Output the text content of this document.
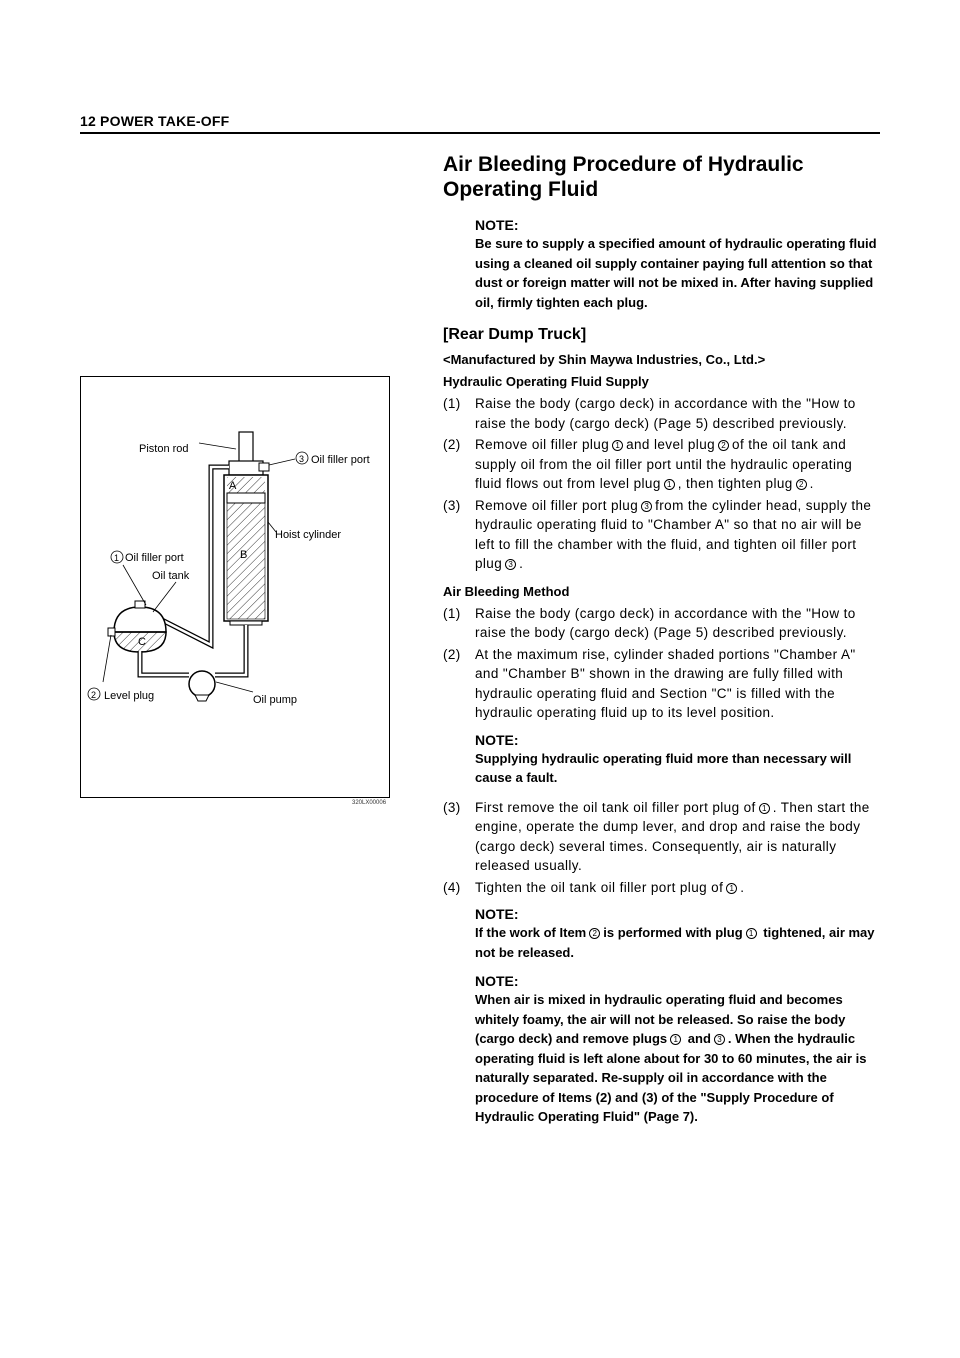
12 POWER TAKE-OFF
Piston rod
3 Oil filler port
Hoist cylinder
1 Oil filler port
Oil tank
2 Level plug	Oil pump
A
B
C
320LX00006
Air Bleeding Procedure of Hydraulic Operating Fluid
NOTE:
Be sure to supply a specified amount of hydraulic operating fluid using a cleaned oil supply container paying full attention so that dust or foreign matter will not be mixed in. After having supplied oil, firmly tighten each plug.
[Rear Dump Truck]
<Manufactured by Shin Maywa Industries, Co., Ltd.>
Hydraulic Operating Fluid Supply
(1) Raise the body (cargo deck) in accordance with the "How to raise the body (cargo deck) (Page 5) described previously.
(2) Remove oil filler plug 1 and level plug 2 of the oil tank and supply oil from the oil filler port until the hydraulic operating fluid flows out from level plug 1 , then tighten plug 2 .
(3) Remove oil filler port plug 3 from the cylinder head, supply the hydraulic operating fluid to "Chamber A" so that no air will be left to fill the chamber with the fluid, and tighten oil filler port plug 3 .
Air Bleeding Method
(1) Raise the body (cargo deck) in accordance with the "How to raise the body (cargo deck) (Page 5) described previously.
(2) At the maximum rise, cylinder shaded portions "Chamber A" and "Chamber B" shown in the drawing are fully filled with hydraulic operating fluid and Section "C" is filled with the hydraulic operating fluid up to its level position.
NOTE:
Supplying hydraulic operating fluid more than necessary will cause a fault.
(3) First remove the oil tank oil filler port plug of 1 . Then start the engine, operate the dump lever, and drop and raise the body (cargo deck) several times. Consequently, air is naturally released usually.
(4) Tighten the oil tank oil filler port plug of 1 .
NOTE:
If the work of Item 2 is performed with plug 1 tightened, air may not be released.
NOTE:
When air is mixed in hydraulic operating fluid and becomes whitely foamy, the air will not be released. So raise the body (cargo deck) and remove plugs 1 and 3 . When the hydraulic operating fluid is left alone about for 30 to 60 minutes, the air is naturally separated. Re-supply oil in accordance with the procedure of Items (2) and (3) of the "Supply Procedure of Hydraulic Operating Fluid" (Page 7).
